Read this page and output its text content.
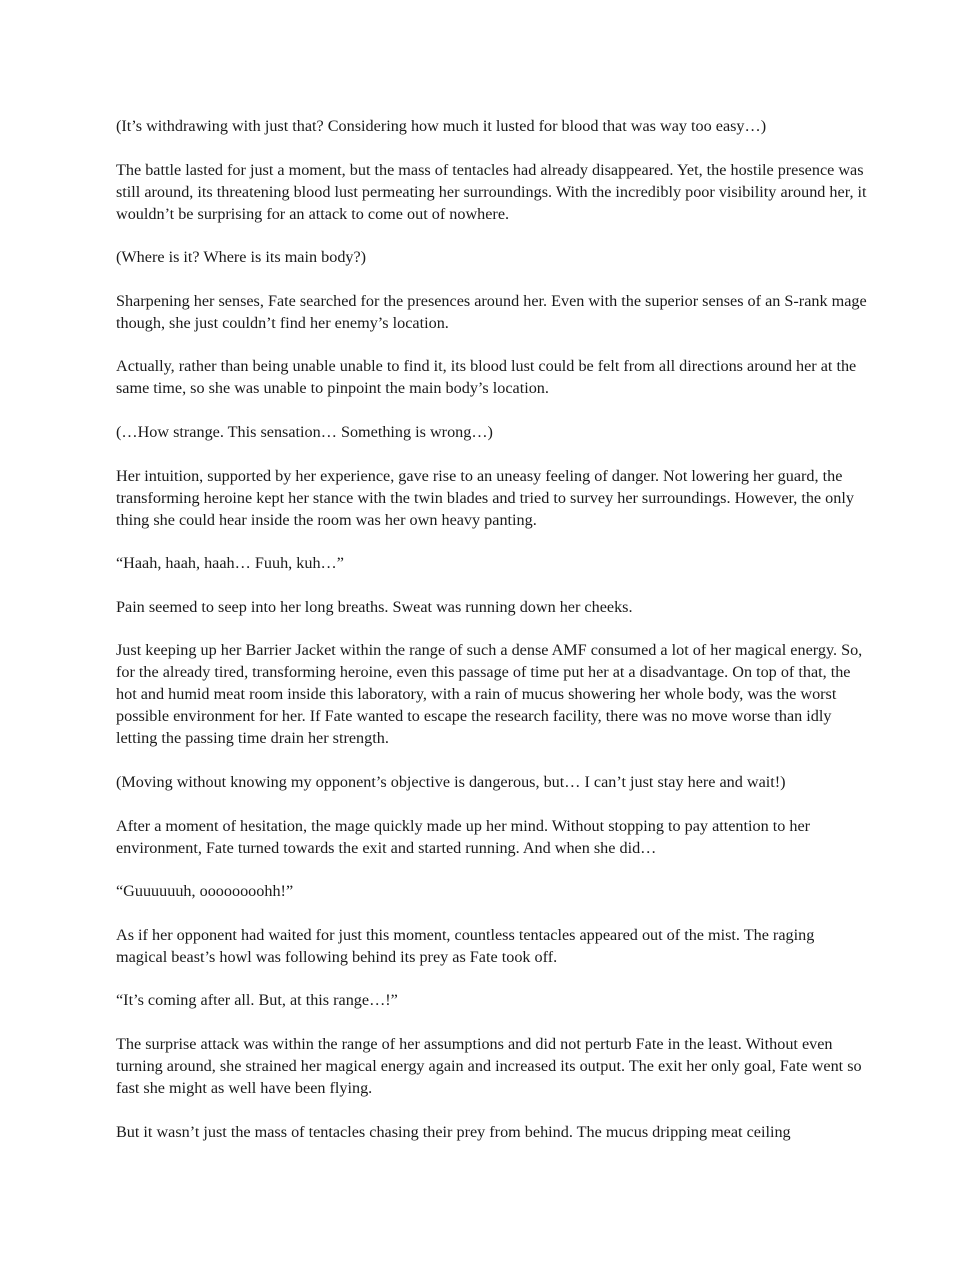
(It’s withdrawing with just that? Considering how much it lusted for blood that was way too easy…)

The battle lasted for just a moment, but the mass of tentacles had already disappeared. Yet, the hostile presence was still around, its threatening blood lust permeating her surroundings. With the incredibly poor visibility around her, it wouldn’t be surprising for an attack to come out of nowhere.

(Where is it? Where is its main body?)

Sharpening her senses, Fate searched for the presences around her. Even with the superior senses of an S-rank mage though, she just couldn’t find her enemy’s location.

Actually, rather than being unable unable to find it, its blood lust could be felt from all directions around her at the same time, so she was unable to pinpoint the main body’s location.

(…How strange. This sensation… Something is wrong…)

Her intuition, supported by her experience, gave rise to an uneasy feeling of danger. Not lowering her guard, the transforming heroine kept her stance with the twin blades and tried to survey her surroundings. However, the only thing she could hear inside the room was her own heavy panting.

“Haah, haah, haah… Fuuh, kuh…”

Pain seemed to seep into her long breaths. Sweat was running down her cheeks.

Just keeping up her Barrier Jacket within the range of such a dense AMF consumed a lot of her magical energy. So, for the already tired, transforming heroine, even this passage of time put her at a disadvantage. On top of that, the hot and humid meat room inside this laboratory, with a rain of mucus showering her whole body, was the worst possible environment for her. If Fate wanted to escape the research facility, there was no move worse than idly letting the passing time drain her strength.

(Moving without knowing my opponent’s objective is dangerous, but… I can’t just stay here and wait!)

After a moment of hesitation, the mage quickly made up her mind. Without stopping to pay attention to her environment, Fate turned towards the exit and started running. And when she did…

“Guuuuuuh, oooooooohh!”

As if her opponent had waited for just this moment, countless tentacles appeared out of the mist. The raging magical beast’s howl was following behind its prey as Fate took off.

“It’s coming after all. But, at this range…!”

The surprise attack was within the range of her assumptions and did not perturb Fate in the least. Without even turning around, she strained her magical energy again and increased its output. The exit her only goal, Fate went so fast she might as well have been flying.

But it wasn’t just the mass of tentacles chasing their prey from behind. The mucus dripping meat ceiling
